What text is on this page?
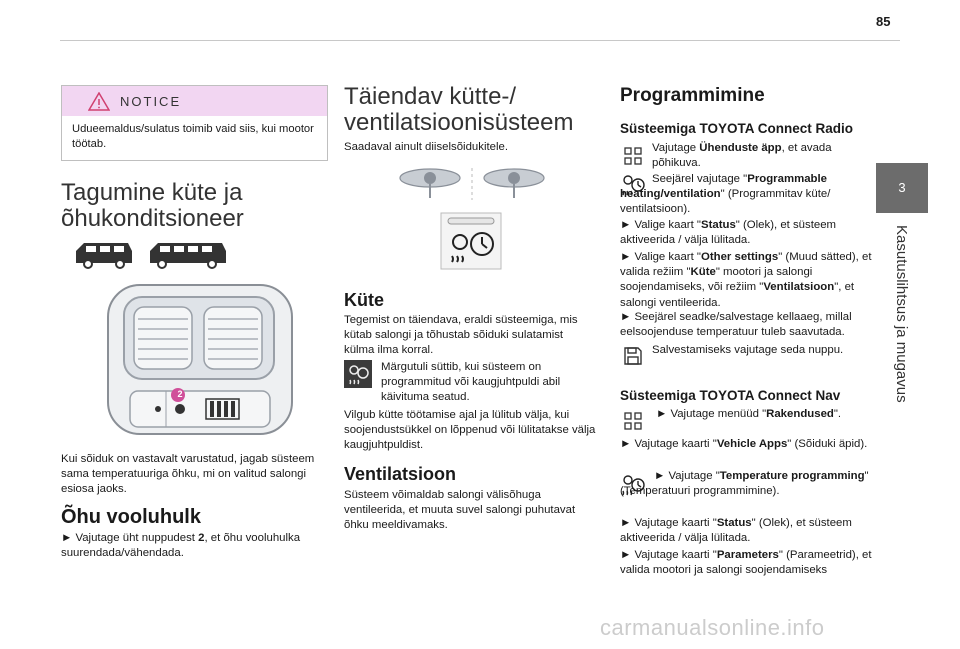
85
3
Kasutuslihtsus ja mugavus
NOTICE
Udueemaldus/sulatus toimib vaid siis, kui mootor töötab.
Tagumine küte ja õhukonditsioneer
2
Kui sõiduk on vastavalt varustatud, jagab süsteem sama temperatuuriga õhku, mi on valitud salongi esiosa jaoks.
Õhu vooluhulk
► Vajutage üht nuppudest 2, et õhu vooluhulka suurendada/vähendada.
Täiendav kütte-/ ventilatsioonisüsteem
Saadaval ainult diiselsõidukitele.
Küte
Tegemist on täiendava, eraldi süsteemiga, mis kütab salongi ja tõhustab sõiduki sulatamist külma ilma korral.
Märgutuli süttib, kui süsteem on programmitud või kaugjuhtpuldi abil käivituma seatud.
Vilgub kütte töötamise ajal ja lülitub välja, kui soojendustsükkel on lõppenud või lülitatakse välja kaugjuhtpuldist.
Ventilatsioon
Süsteem võimaldab salongi välisõhuga ventileerida, et muuta suvel salongi puhutavat õhku meeldivamaks.
Programmimine
Süsteemiga TOYOTA Connect Radio
Vajutage Ühenduste äpp, et avada põhikuva.
Seejärel vajutage "Programmable heating/ventilation" (Programmitav küte/ ventilatsioon).
► Valige kaart "Status" (Olek), et süsteem aktiveerida / välja lülitada.
► Valige kaart "Other settings" (Muud sätted), et valida režiim "Küte" mootori ja salongi soojendamiseks, või režiim "Ventilatsioon", et salongi ventileerida.
► Seejärel seadke/salvestage kellaaeg, millal eelsoojenduse temperatuur tuleb saavutada.
Salvestamiseks vajutage seda nuppu.
Süsteemiga TOYOTA Connect Nav
► Vajutage menüüd "Rakendused".
► Vajutage kaarti "Vehicle Apps" (Sõiduki äpid).
► Vajutage "Temperature programming" (Temperatuuri programmimine).
► Vajutage kaarti "Status" (Olek), et süsteem aktiveerida / välja lülitada.
► Vajutage kaarti "Parameters" (Parameetrid), et valida mootori ja salongi soojendamiseks
carmanualsonline.info
